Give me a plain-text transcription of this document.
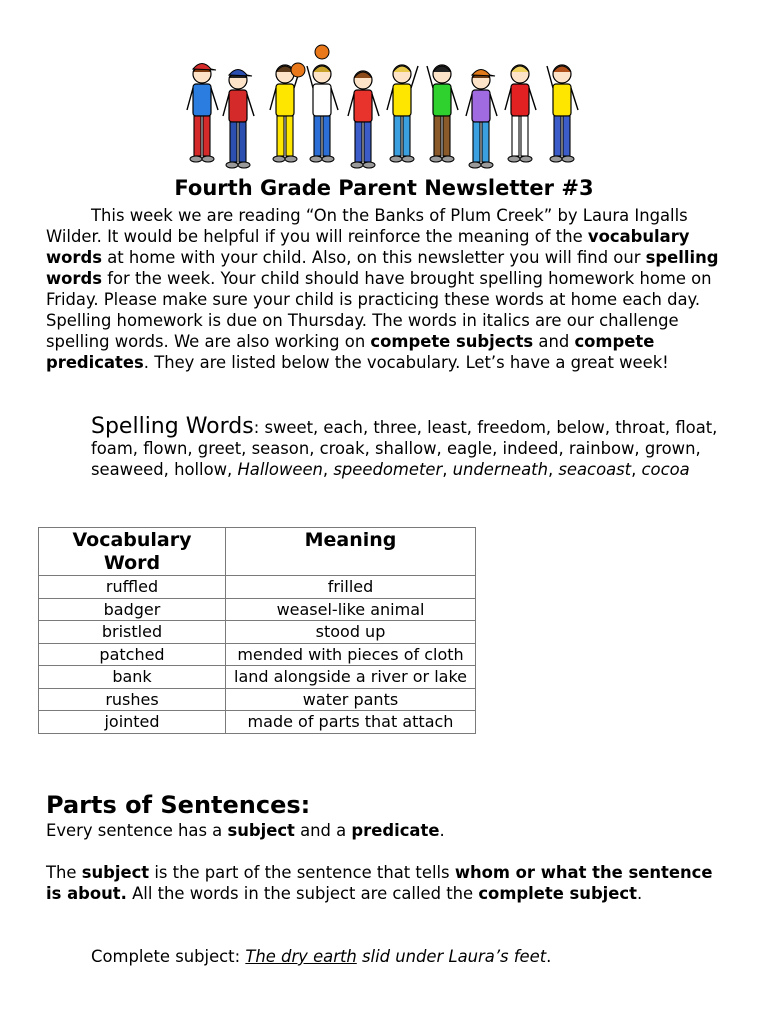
Fourth Grade Parent Newsletter #3

This week we are reading “On the Banks of Plum Creek” by Laura Ingalls Wilder. It would be helpful if you will reinforce the meaning of the vocabulary words at home with your child. Also, on this newsletter you will find our spelling words for the week. Your child should have brought spelling homework home on Friday. Please make sure your child is practicing these words at home each day. Spelling homework is due on Thursday. The words in italics are our challenge spelling words. We are also working on compete subjects and compete predicates. They are listed below the vocabulary. Let’s have a great week!

Spelling Words: sweet, each, three, least, freedom, below, throat, float, foam, flown, greet, season, croak, shallow, eagle, indeed, rainbow, grown, seaweed, hollow, Halloween, speedometer, underneath, seacoast, cocoa

Vocabulary Word	Meaning
ruffled	frilled
badger	weasel-like animal
bristled	stood up
patched	mended with pieces of cloth
bank	land alongside a river or lake
rushes	water pants
jointed	made of parts that attach
Parts of Sentences:

Every sentence has a subject and a predicate.

The subject is the part of the sentence that tells whom or what the sentence is about. All the words in the subject are called the complete subject.

Complete subject: The dry earth slid under Laura’s feet.
